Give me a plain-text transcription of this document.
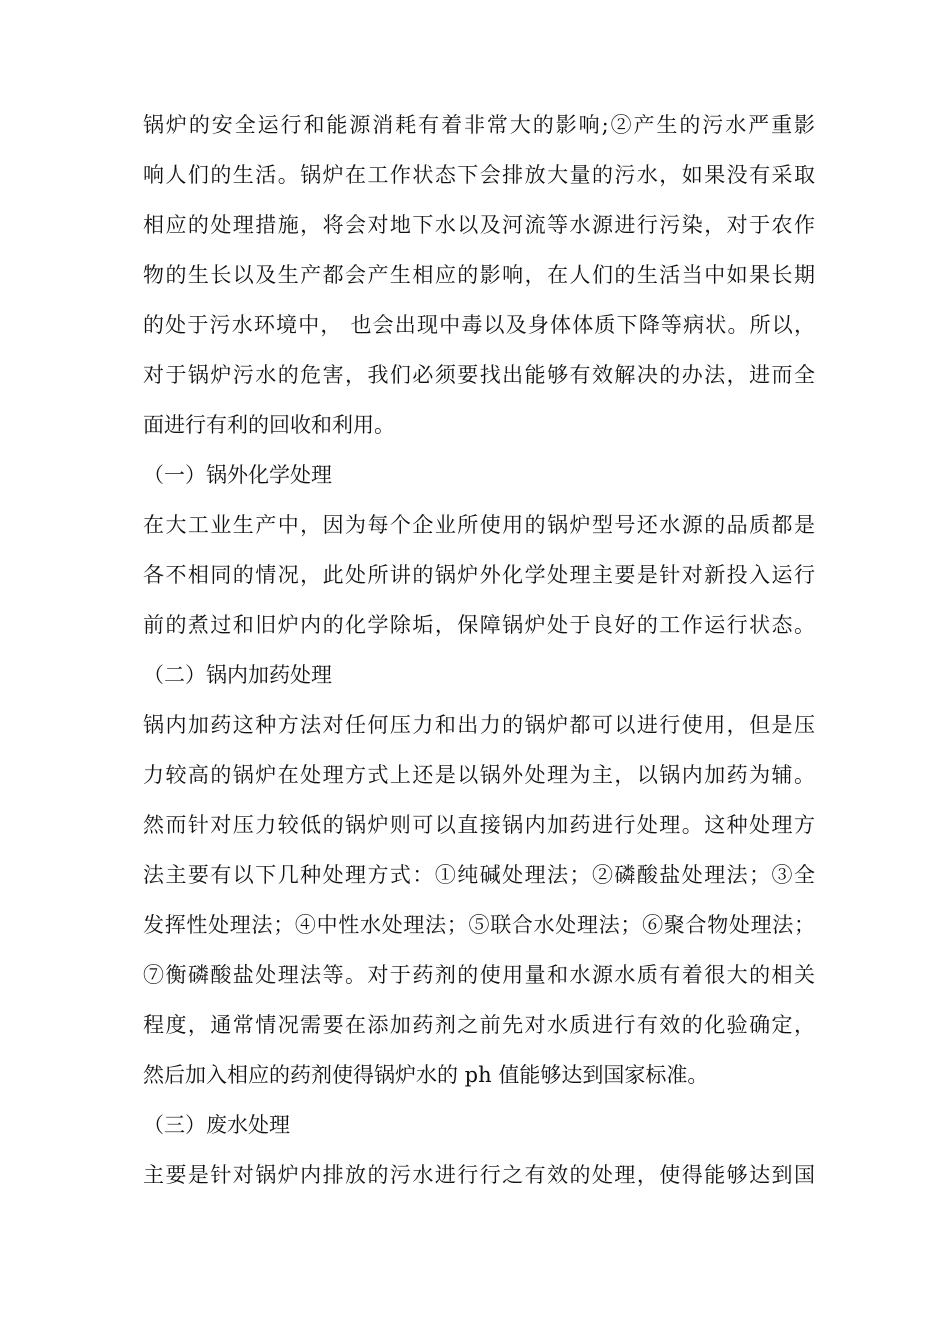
锅炉的安全运行和能源消耗有着非常大的影响;②产生的污水严重影
响人们的生活。锅炉在工作状态下会排放大量的污水，如果没有采取
相应的处理措施，将会对地下水以及河流等水源进行污染，对于农作
物的生长以及生产都会产生相应的影响，在人们的生活当中如果长期
的处于污水环境中， 也会出现中毒以及身体体质下降等病状。所以，
对于锅炉污水的危害，我们必须要找出能够有效解决的办法，进而全
面进行有利的回收和利用。
（一）锅外化学处理
在大工业生产中，因为每个企业所使用的锅炉型号还水源的品质都是
各不相同的情况，此处所讲的锅炉外化学处理主要是针对新投入运行
前的煮过和旧炉内的化学除垢，保障锅炉处于良好的工作运行状态。
（二）锅内加药处理
锅内加药这种方法对任何压力和出力的锅炉都可以进行使用，但是压
力较高的锅炉在处理方式上还是以锅外处理为主，以锅内加药为辅。
然而针对压力较低的锅炉则可以直接锅内加药进行处理。这种处理方
法主要有以下几种处理方式：①纯碱处理法；②磷酸盐处理法；③全
发挥性处理法；④中性水处理法；⑤联合水处理法；⑥聚合物处理法；
⑦衡磷酸盐处理法等。对于药剂的使用量和水源水质有着很大的相关
程度，通常情况需要在添加药剂之前先对水质进行有效的化验确定，
然后加入相应的药剂使得锅炉水的 ph 值能够达到国家标准。
（三）废水处理
主要是针对锅炉内排放的污水进行行之有效的处理，使得能够达到国
